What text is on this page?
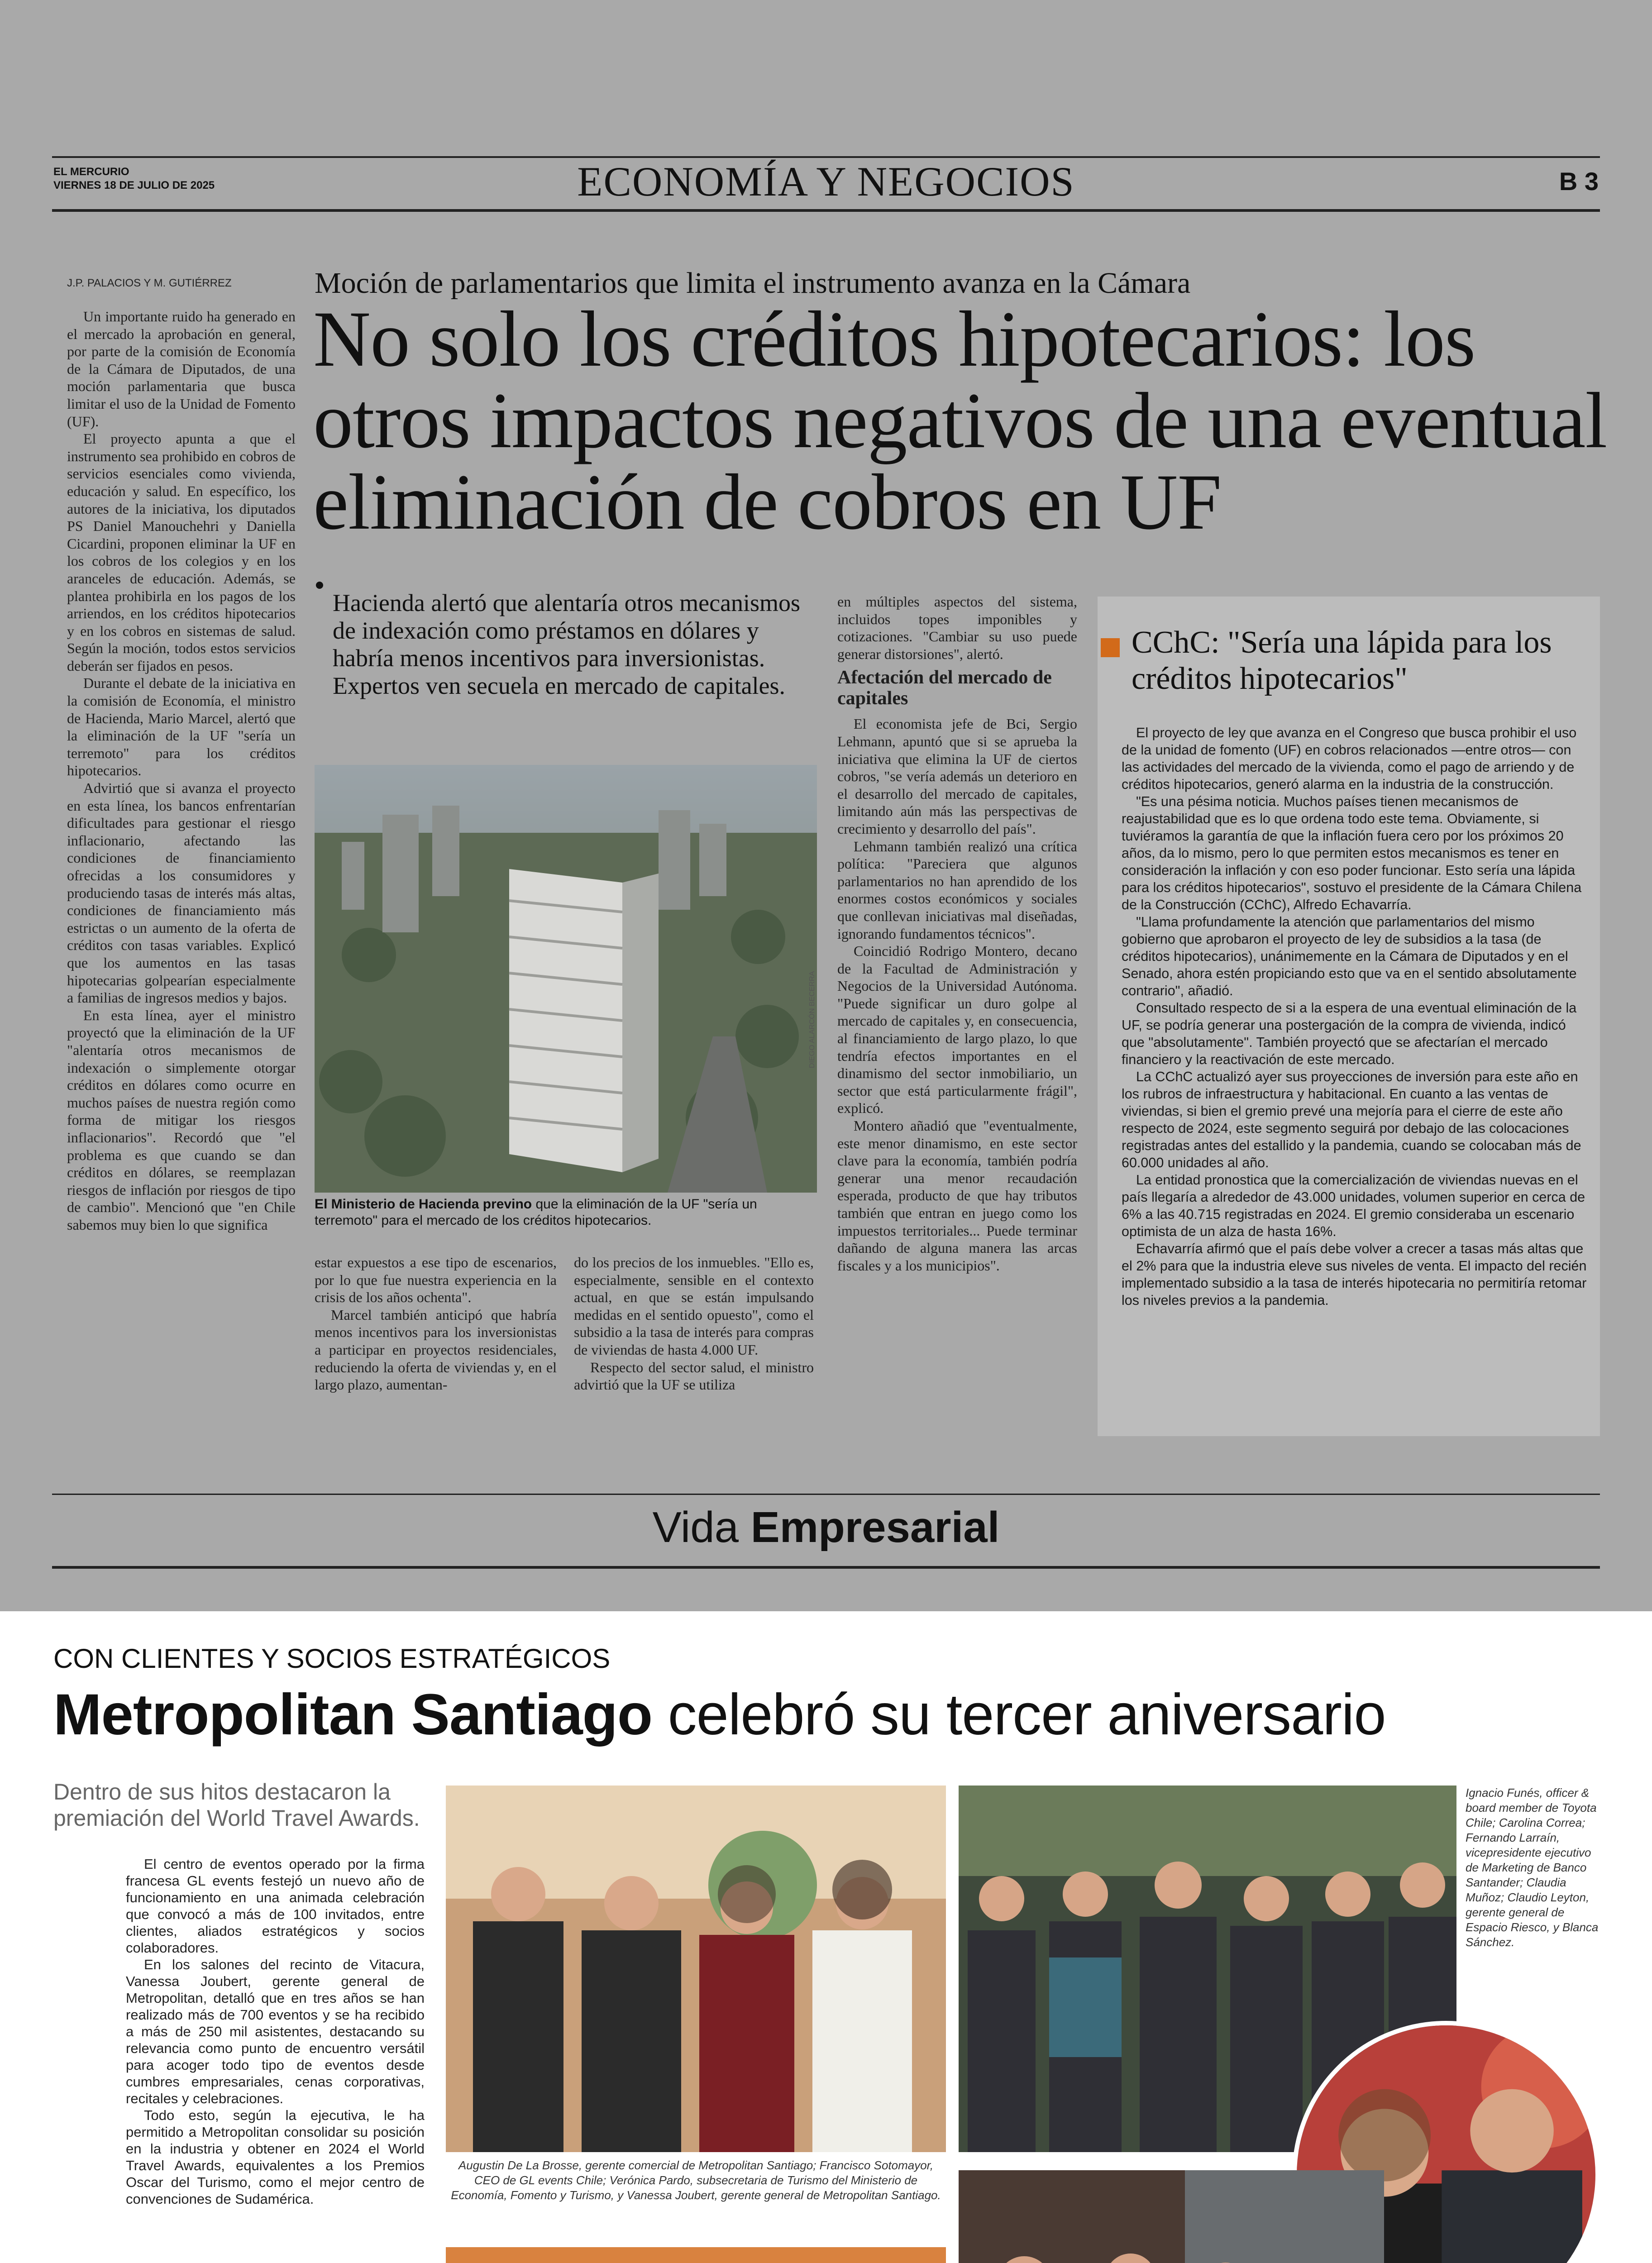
EL MERCURIO
VIERNES 18 DE JULIO DE 2025	ECONOMÍA Y NEGOCIOS	B 3
J.P. PALACIOS Y M. GUTIÉRREZ	Moción de parlamentarios que limita el instrumento avanza en la Cámara
No solo los créditos hipotecarios: los otros impactos negativos de una eventual eliminación de cobros en UF
Hacienda alertó que alentaría otros mecanismos de indexación como préstamos en dólares y habría menos incentivos para inversionistas. Expertos ven secuela en mercado de capitales.

Un importante ruido ha generado en el mercado la aprobación en general, por parte de la comisión de Economía de la Cámara de Diputados, de una moción parlamentaria que busca limitar el uso de la Unidad de Fomento (UF).

El proyecto apunta a que el instrumento sea prohibido en cobros de servicios esenciales como vivienda, educación y salud. En específico, los autores de la iniciativa, los diputados PS Daniel Manouchehri y Daniella Cicardini, proponen eliminar la UF en los cobros de los colegios y en los aranceles de educación. Además, se plantea prohibirla en los pagos de los arriendos, en los créditos hipotecarios y en los cobros en sistemas de salud. Según la moción, todos estos servicios deberán ser fijados en pesos.

Durante el debate de la iniciativa en la comisión de Economía, el ministro de Hacienda, Mario Marcel, alertó que la eliminación de la UF "sería un terremoto" para los créditos hipotecarios.

Advirtió que si avanza el proyecto en esta línea, los bancos enfrentarían dificultades para gestionar el riesgo inflacionario, afectando las condiciones de financiamiento ofrecidas a los consumidores y produciendo tasas de interés más altas, condiciones de financiamiento más estrictas o un aumento de la oferta de créditos con tasas variables. Explicó que los aumentos en las tasas hipotecarias golpearían especialmente a familias de ingresos medios y bajos.

En esta línea, ayer el ministro proyectó que la eliminación de la UF "alentaría otros mecanismos de indexación o simplemente otorgar créditos en dólares como ocurre en muchos países de nuestra región como forma de mitigar los riesgos inflacionarios". Recordó que "el problema es que cuando se dan créditos en dólares, se reemplazan riesgos de inflación por riesgos de tipo de cambio". Mencionó que "en Chile sabemos muy bien lo que significa

DIEGO ALARCÓN BECERRA
El Ministerio de Hacienda previno que la eliminación de la UF "sería un terremoto" para el mercado de los créditos hipotecarios.

estar expuestos a ese tipo de escenarios, por lo que fue nuestra experiencia en la crisis de los años ochenta".

Marcel también anticipó que habría menos incentivos para los inversionistas a participar en proyectos residenciales, reduciendo la oferta de viviendas y, en el largo plazo, aumentan-

do los precios de los inmuebles. "Ello es, especialmente, sensible en el contexto actual, en que se están impulsando medidas en el sentido opuesto", como el subsidio a la tasa de interés para compras de viviendas de hasta 4.000 UF.

Respecto del sector salud, el ministro advirtió que la UF se utiliza

en múltiples aspectos del sistema, incluidos topes imponibles y cotizaciones. "Cambiar su uso puede generar distorsiones", alertó.

Afectación del mercado de capitales

El economista jefe de Bci, Sergio Lehmann, apuntó que si se aprueba la iniciativa que elimina la UF de ciertos cobros, "se vería además un deterioro en el desarrollo del mercado de capitales, limitando aún más las perspectivas de crecimiento y desarrollo del país".

Lehmann también realizó una crítica política: "Pareciera que algunos parlamentarios no han aprendido de los enormes costos económicos y sociales que conllevan iniciativas mal diseñadas, ignorando fundamentos técnicos".

Coincidió Rodrigo Montero, decano de la Facultad de Administración y Negocios de la Universidad Autónoma. "Puede significar un duro golpe al mercado de capitales y, en consecuencia, al financiamiento de largo plazo, lo que tendría efectos importantes en el dinamismo del sector inmobiliario, un sector que está particularmente frágil", explicó.

Montero añadió que "eventualmente, este menor dinamismo, en este sector clave para la economía, también podría generar una menor recaudación esperada, producto de que hay tributos también que entran en juego como los impuestos territoriales... Puede terminar dañando de alguna manera las arcas fiscales y a los municipios".

CChC: "Sería una lápida para los créditos hipotecarios"

El proyecto de ley que avanza en el Congreso que busca prohibir el uso de la unidad de fomento (UF) en cobros relacionados —entre otros— con las actividades del mercado de la vivienda, como el pago de arriendo y de créditos hipotecarios, generó alarma en la industria de la construcción.

"Es una pésima noticia. Muchos países tienen mecanismos de reajustabilidad que es lo que ordena todo este tema. Obviamente, si tuviéramos la garantía de que la inflación fuera cero por los próximos 20 años, da lo mismo, pero lo que permiten estos mecanismos es tener en consideración la inflación y con eso poder funcionar. Esto sería una lápida para los créditos hipotecarios", sostuvo el presidente de la Cámara Chilena de la Construcción (CChC), Alfredo Echavarría.

"Llama profundamente la atención que parlamentarios del mismo gobierno que aprobaron el proyecto de ley de subsidios a la tasa (de créditos hipotecarios), unánimemente en la Cámara de Diputados y en el Senado, ahora estén propiciando esto que va en el sentido absolutamente contrario", añadió.

Consultado respecto de si a la espera de una eventual eliminación de la UF, se podría generar una postergación de la compra de vivienda, indicó que "absolutamente". También proyectó que se afectarían el mercado financiero y la reactivación de este mercado.

La CChC actualizó ayer sus proyecciones de inversión para este año en los rubros de infraestructura y habitacional. En cuanto a las ventas de viviendas, si bien el gremio prevé una mejoría para el cierre de este año respecto de 2024, este segmento seguirá por debajo de las colocaciones registradas antes del estallido y la pandemia, cuando se colocaban más de 60.000 unidades al año.

La entidad pronostica que la comercialización de viviendas nuevas en el país llegaría a alrededor de 43.000 unidades, volumen superior en cerca de 6% a las 40.715 registradas en 2024. El gremio consideraba un escenario optimista de un alza de hasta 16%.

Echavarría afirmó que el país debe volver a crecer a tasas más altas que el 2% para que la industria eleve sus niveles de venta. El impacto del recién implementado subsidio a la tasa de interés hipotecaria no permitiría retomar los niveles previos a la pandemia.

Vida Empresarial
CON CLIENTES Y SOCIOS ESTRATÉGICOS
Metropolitan Santiago celebró su tercer aniversario
Dentro de sus hitos destacaron la premiación del World Travel Awards.

El centro de eventos operado por la firma francesa GL events festejó un nuevo año de funcionamiento en una animada celebración que convocó a más de 100 invitados, entre clientes, aliados estratégicos y socios colaboradores.

En los salones del recinto de Vitacura, Vanessa Joubert, gerente general de Metropolitan, detalló que en tres años se han realizado más de 700 eventos y se ha recibido a más de 250 mil asistentes, destacando su relevancia como punto de encuentro versátil para acoger todo tipo de eventos desde cumbres empresariales, cenas corporativas, recitales y celebraciones.

Todo esto, según la ejecutiva, le ha permitido a Metropolitan consolidar su posición en la industria y obtener en 2024 el World Travel Awards, equivalentes a los Premios Oscar del Turismo, como el mejor centro de convenciones de Sudamérica.

Augustin De La Brosse, gerente comercial de Metropolitan Santiago; Francisco Sotomayor, CEO de GL events Chile; Verónica Pardo, subsecretaria de Turismo del Ministerio de Economía, Fomento y Turismo, y Vanessa Joubert, gerente general de Metropolitan Santiago.
Ignacio Funés, officer & board member de Toyota Chile; Carolina Correa; Fernando Larraín, vicepresidente ejecutivo de Marketing de Banco Santander; Claudia Muñoz; Claudio Leyton, gerente general de Espacio Riesco, y Blanca Sánchez.
